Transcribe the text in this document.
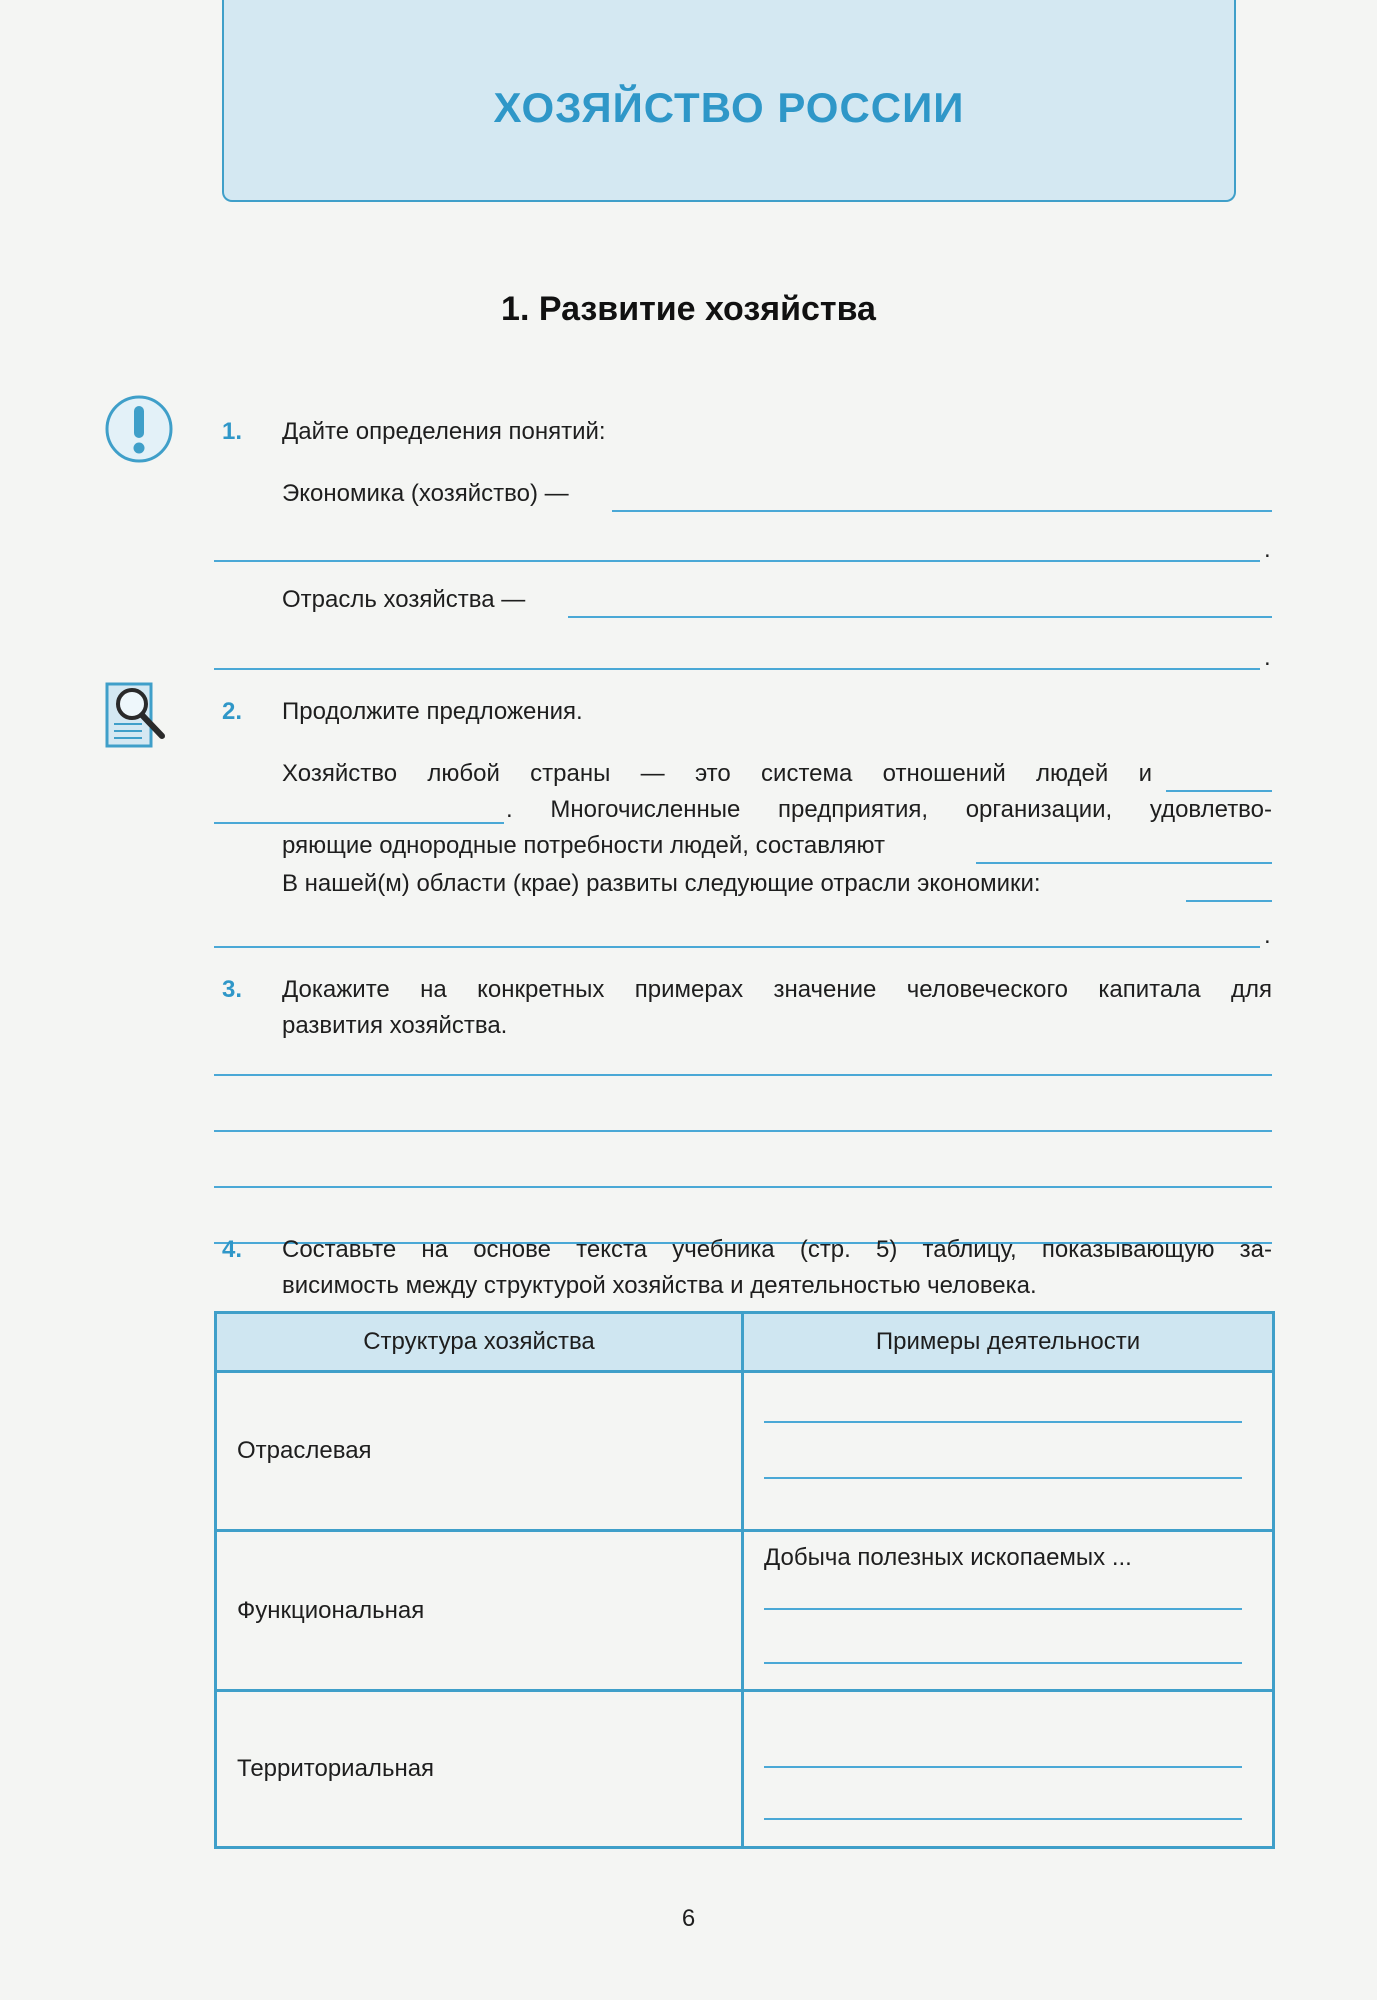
ХОЗЯЙСТВО РОССИИ
1. Развитие хозяйства
1. Дайте определения понятий:
Экономика (хозяйство) —
.
Отрасль хозяйства —
.
2. Продолжите предложения.
Хозяйство любой страны — это система отношений людей и
. Многочисленные предприятия, организации, удовлетво-
ряющие однородные потребности людей, составляют
В нашей(м) области (крае) развиты следующие отрасли экономики:
.
3. Докажите на конкретных примерах значение человеческого капитала для
развития хозяйства.
4. Составьте на основе текста учебника (стр. 5) таблицу, показывающую за-
висимость между структурой хозяйства и деятельностью человека.
Структура хозяйства	Примеры деятельности
Отраслевая	

Функциональная	Добыча полезных ископаемых ...

Территориальная	
6
